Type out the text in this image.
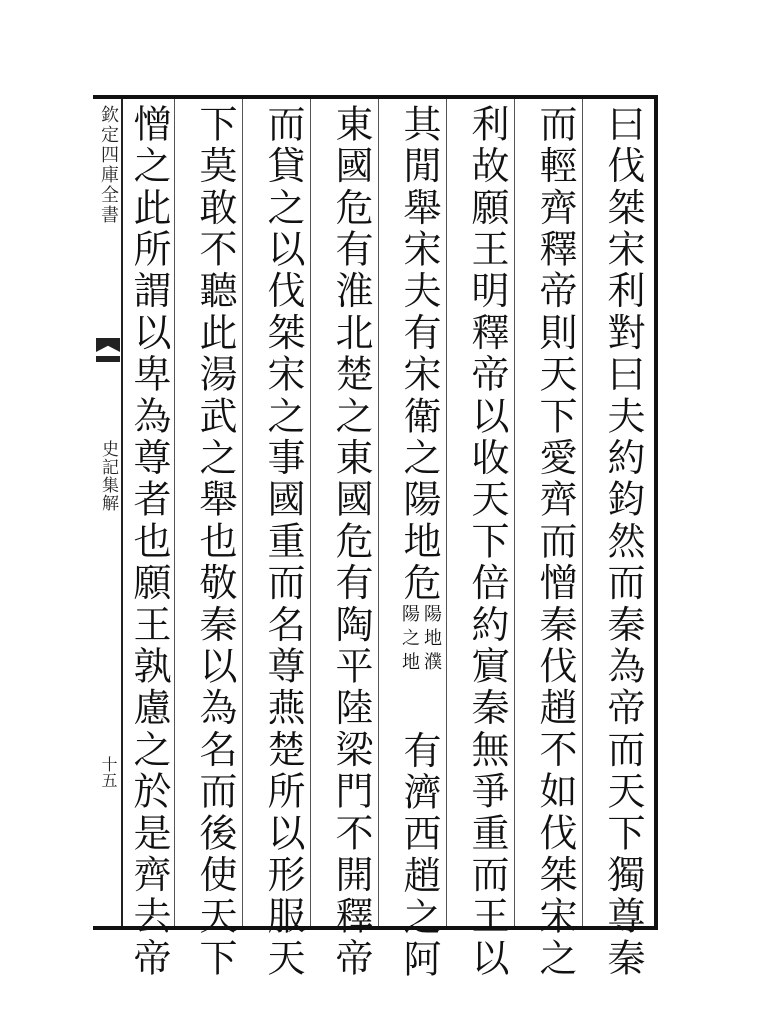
欽定四庫全書
史記集解
十五	曰伐桀宋利對曰夫約鈞然而秦為帝而天下獨尊秦
而輕齊釋帝則天下愛齊而憎秦伐趙不如伐桀宋之
利故願王明釋帝以收天下倍約賔秦無爭重而王以
其閒舉宋夫有宋衛之陽地危
陽地濮
陽之地
有濟西趙之阿
東國危有淮北楚之東國危有陶平陸梁門不開釋帝
而貸之以伐桀宋之事國重而名尊燕楚所以形服天
下莫敢不聽此湯武之舉也敬秦以為名而後使天下
憎之此所謂以卑為尊者也願王孰慮之於是齊去帝
